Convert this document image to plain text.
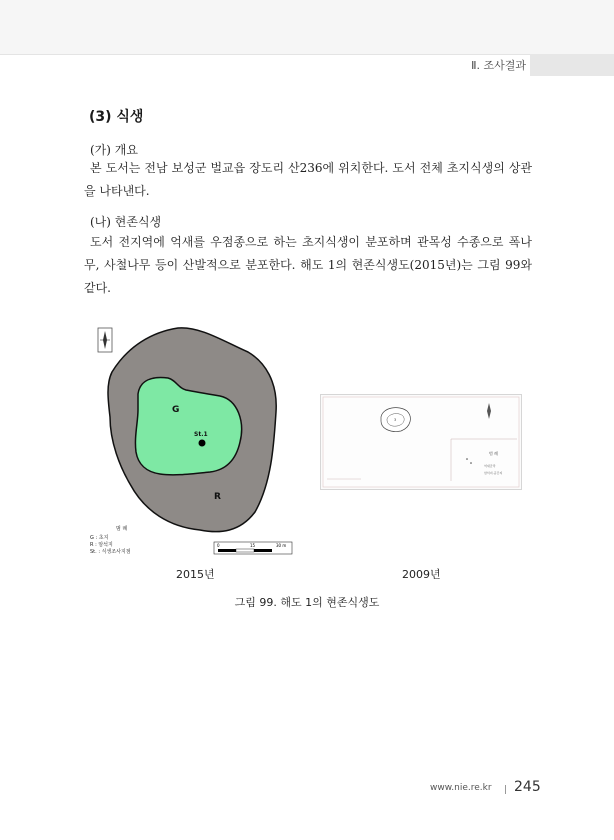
Ⅱ. 조사결과
(3) 식생
(가) 개요

본 도서는 전남 보성군 벌교읍 장도리 산236에 위치한다. 도서 전체 초지식생의 상관을 나타낸다.

(나) 현존식생

도서 전지역에 억새를 우점종으로 하는 초지식생이 분포하며 관목성 수종으로 폭나무, 사철나무 등이 산발적으로 분포한다. 해도 1의 현존식생도(2015년)는 그림 99와 같다.

G
St.1
R
범 례
G : 초지
R : 암석지
St. : 식생조사지점
0	15	30 m
3
범 례
억새군락
암석지·공간지
2015년	2009년
그림 99. 해도 1의 현존식생도
www.nie.re.kr 245
